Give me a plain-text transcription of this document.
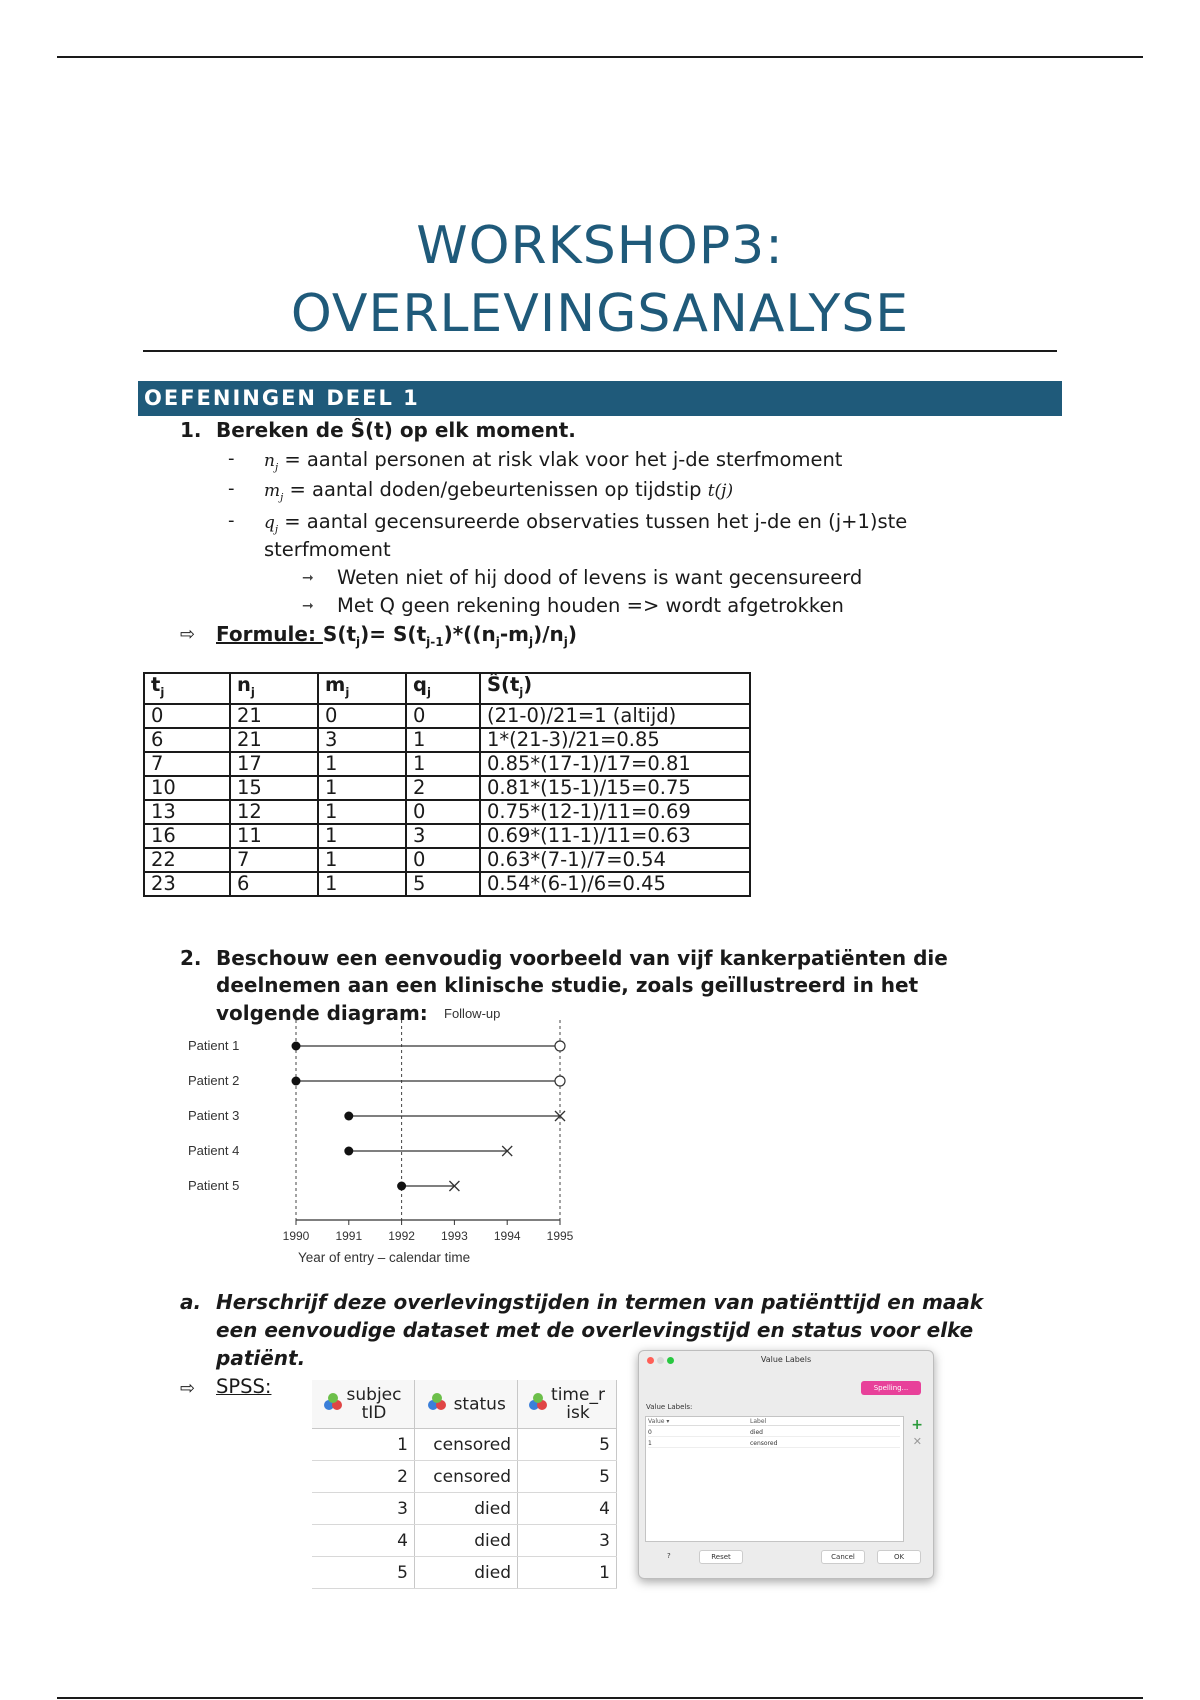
WORKSHOP3:
OVERLEVINGSANALYSE
OEFENINGEN DEEL 1
1. Bereken de Ŝ(t) op elk moment.
- $n_j$ = aantal personen at risk vlak voor het j-de sterfmoment
- $m_j$ = aantal doden/gebeurtenissen op tijdstip t(j)
- $q_j$ = aantal gecensureerde observaties tussen het j-de en (j+1)ste
sterfmoment
➞ Weten niet of hij dood of levens is want gecensureerd
➞ Met Q geen rekening houden => wordt afgetrokken
⇨ Formule: $S(t_j)= S(t_{j-1})*((n_j-m_j)/n_j)$
$t_j$	$n_j$	$m_j$	$q_j$	$Ŝ(t_j)$
0	21	0	0	(21-0)/21=1 (altijd)
6	21	3	1	1*(21-3)/21=0.85
7	17	1	1	0.85*(17-1)/17=0.81
10	15	1	2	0.81*(15-1)/15=0.75
13	12	1	0	0.75*(12-1)/11=0.69
16	11	1	3	0.69*(11-1)/11=0.63
22	7	1	0	0.63*(7-1)/7=0.54
23	6	1	5	0.54*(6-1)/6=0.45
2. Beschouw een eenvoudig voorbeeld van vijf kankerpatiënten die
deelnemen aan een klinische studie, zoals geïllustreerd in het
volgende diagram: Follow-up
1990 1991 1992 1993 1994 1995
Patient 1
Patient 2
Patient 3
Patient 4
Patient 5
Year of entry – calendar time
a. Herschrijf deze overlevingstijden in termen van patiënttijd en maak
een eenvoudige dataset met de overlevingstijd en status voor elke
patiënt.
⇨ SPSS:	subjectID	status	time_risk
1	censored	5
2	censored	5
3	died	4
4	died	3
5	died	1

Value Labels
Spelling...
Value Labels:
Value ▾	Label
0	died
1	censored
+
✕
?	Reset	Cancel	OK
